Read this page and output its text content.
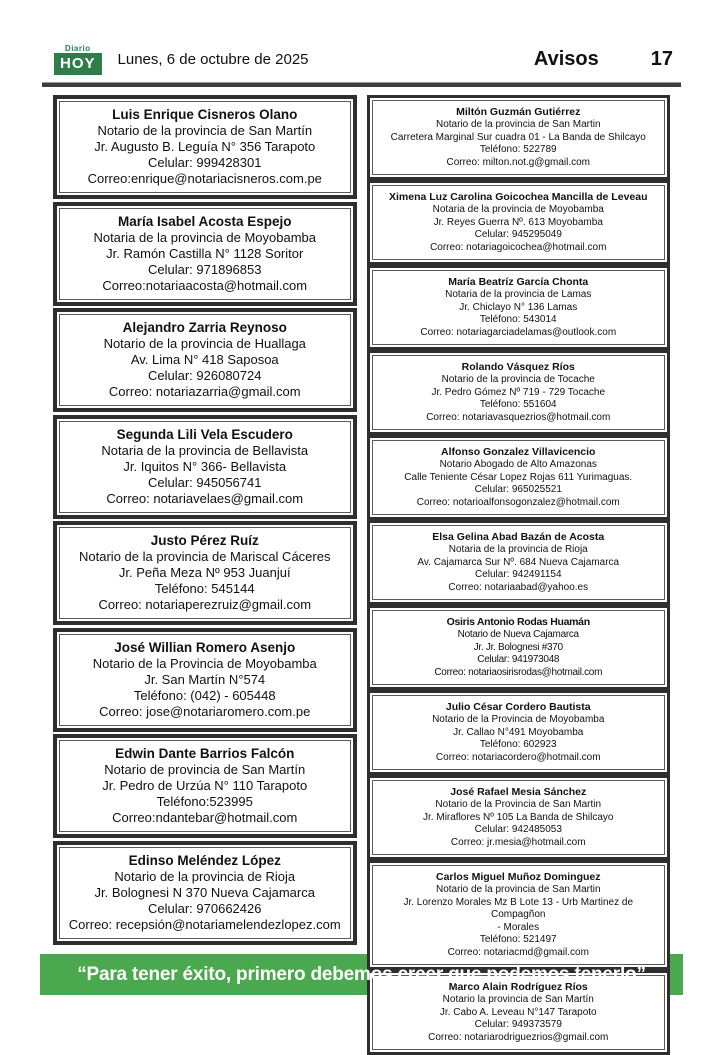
Diario
HOY	Lunes, 6 de octubre de 2025	Avisos	17
Luis Enrique Cisneros Olano
Notario de la provincia de San Martín
Jr. Augusto B. Leguía N° 356 Tarapoto
Celular: 999428301
Correo:enrique@notariacisneros.com.pe
María Isabel Acosta Espejo
Notaria de la provincia de Moyobamba
Jr. Ramón Castilla N° 1128 Soritor
Celular: 971896853
Correo:notariaacosta@hotmail.com
Alejandro Zarria Reynoso
Notario de la provincia de Huallaga
Av. Lima N° 418 Saposoa
Celular: 926080724
Correo: notariazarria@gmail.com
Segunda Lili Vela Escudero
Notaria de la provincia de Bellavista
Jr. Iquitos N° 366- Bellavista
Celular: 945056741
Correo: notariavelaes@gmail.com
Justo Pérez Ruíz
Notario de la provincia de Mariscal Cáceres
Jr. Peña Meza Nº 953 Juanjuí
Teléfono: 545144
Correo: notariaperezruiz@gmail.com
José Willian Romero Asenjo
Notario de la Provincia de Moyobamba
Jr. San Martín N°574
Teléfono: (042) - 605448
Correo: jose@notariaromero.com.pe
Edwin Dante Barrios Falcón
Notario de provincia de San Martín
Jr. Pedro de Urzúa N° 110 Tarapoto
Teléfono:523995
Correo:ndantebar@hotmail.com
Edinso Meléndez López
Notario de la provincia de Rioja
Jr. Bolognesi N 370 Nueva Cajamarca
Celular: 970662426
Correo: recepsión@notariamelendezlopez.com
Miltón Guzmán Gutiérrez
Notario de la provincia de San Martin
Carretera Marginal Sur cuadra 01 - La Banda de Shilcayo
Teléfono: 522789
Correo: milton.not.g@gmail.com
Ximena Luz Carolina Goicochea Mancilla de Leveau
Notaria de la provincia de Moyobamba
Jr. Reyes Guerra Nº. 613 Moyobamba
Celular: 945295049
Correo: notariagoicochea@hotmail.com
María Beatríz García Chonta
Notaria de la provincia de Lamas
Jr. Chiclayo N° 136 Lamas
Teléfono: 543014
Correo: notariagarciadelamas@outlook.com
Rolando Vásquez Ríos
Notario de la provincia de Tocache
Jr. Pedro Gómez Nº 719 - 729 Tocache
Teléfono: 551604
Correo: notariavasquezrios@hotmail.com
Alfonso Gonzalez Villavicencio
Notario Abogado de Alto Amazonas
Calle Teniente César Lopez Rojas 611 Yurimaguas.
Celular: 965025521
Correo: notarioalfonsogonzalez@hotmail.com
Elsa Gelina Abad Bazán de Acosta
Notaria de la provincia de Rioja
Av. Cajamarca Sur Nº. 684 Nueva Cajamarca
Celular: 942491154
Correo: notariaabad@yahoo.es
Osiris Antonio Rodas Huamán
Notario de Nueva Cajamarca
Jr. Jr. Bolognesi #370
Celular: 941973048
Correo: notariaosirisrodas@hotmail.com
Julio César Cordero Bautista
Notario de la Provincia de Moyobamba
Jr. Callao N°491 Moyobamba
Teléfono: 602923
Correo: notariacordero@hotmail.com
José Rafael Mesia Sánchez
Notario de la Provincia de San Martin
Jr. Miraflores Nº 105 La Banda de Shilcayo
Celular: 942485053
Correo: jr.mesia@hotmail.com
Carlos Miguel Muñoz Dominguez
Notario de la provincia de San Martin
Jr. Lorenzo Morales Mz B Lote 13 - Urb Martinez de Compagñon
- Morales
Teléfono: 521497
Correo: notariacmd@gmail.com
Marco Alain Rodríguez Ríos
Notario la provincia de San Martín
Jr. Cabo A. Leveau N°147 Tarapoto
Celular: 949373579
Correo: notariarodriguezrios@gmail.com
“Para tener éxito, primero debemos creer que podemos tenerlo”
